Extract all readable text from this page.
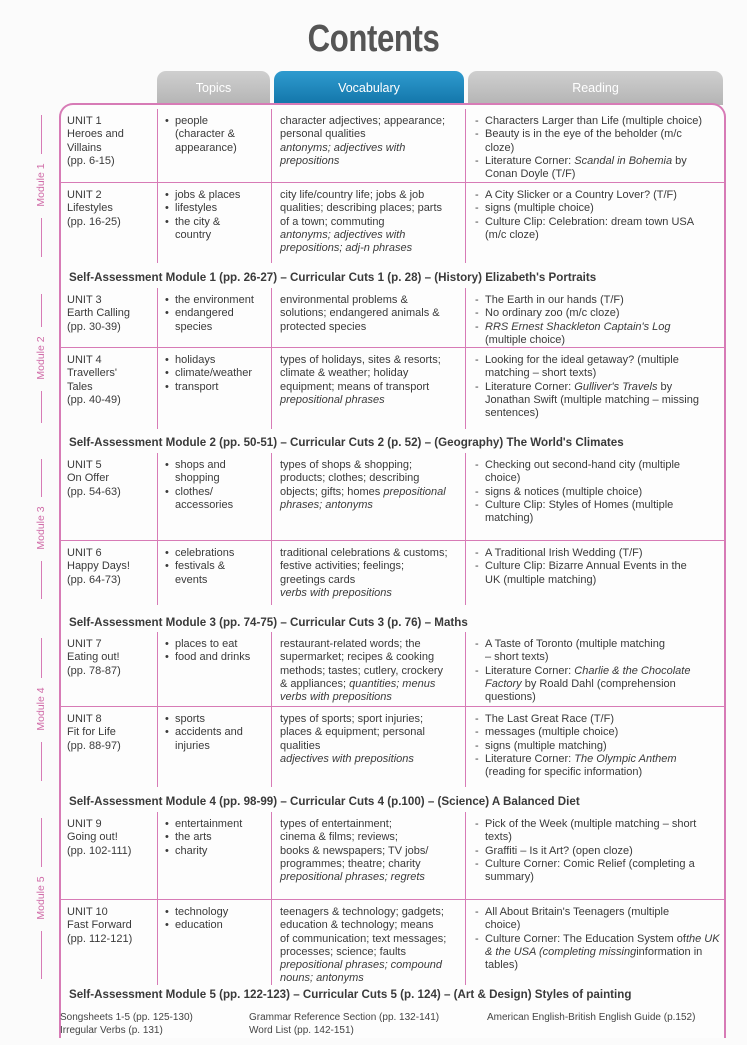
Contents
Topics	Vocabulary	Reading
Module 1
Module 2
Module 3
Module 4
Module 5
UNIT 1
Heroes and
Villains
(pp. 6-15)
• people
(character &
appearance)
character adjectives; appearance;
personal qualities
antonyms; adjectives with
prepositions
- Characters Larger than Life (multiple choice)
- Beauty is in the eye of the beholder (m/c
cloze)
- Literature Corner: Scandal in Bohemia by
Conan Doyle (T/F)
UNIT 2
Lifestyles
(pp. 16-25)
• jobs & places
• lifestyles
• the city &
country
city life/country life; jobs & job
qualities; describing places; parts
of a town; commuting
antonyms; adjectives with
prepositions; adj-n phrases
- A City Slicker or a Country Lover? (T/F)
- signs (multiple choice)
- Culture Clip: Celebration: dream town USA
(m/c cloze)
UNIT 3
Earth Calling
(pp. 30-39)
• the environment
• endangered
species
environmental problems &
solutions; endangered animals &
protected species
- The Earth in our hands (T/F)
- No ordinary zoo (m/c cloze)
- RRS Ernest Shackleton Captain's Log
(multiple choice)
UNIT 4
Travellers'
Tales
(pp. 40-49)
• holidays
• climate/weather
• transport
types of holidays, sites & resorts;
climate & weather; holiday
equipment; means of transport
prepositional phrases
- Looking for the ideal getaway? (multiple
matching – short texts)
- Literature Corner: Gulliver's Travels by
Jonathan Swift (multiple matching – missing
sentences)
UNIT 5
On Offer
(pp. 54-63)
• shops and
shopping
• clothes/
accessories
types of shops & shopping;
products; clothes; describing
objects; gifts; homes prepositional
phrases; antonyms
- Checking out second-hand city (multiple
choice)
- signs & notices (multiple choice)
- Culture Clip: Styles of Homes (multiple
matching)
UNIT 6
Happy Days!
(pp. 64-73)
• celebrations
• festivals &
events
traditional celebrations & customs;
festive activities; feelings;
greetings cards
verbs with prepositions
- A Traditional Irish Wedding (T/F)
- Culture Clip: Bizarre Annual Events in the
UK (multiple matching)
UNIT 7
Eating out!
(pp. 78-87)
• places to eat
• food and drinks
restaurant-related words; the
supermarket; recipes & cooking
methods; tastes; cutlery, crockery
& appliances; quantities; menus
verbs with prepositions
- A Taste of Toronto (multiple matching
– short texts)
- Literature Corner: Charlie & the Chocolate
Factory by Roald Dahl (comprehension
questions)
UNIT 8
Fit for Life
(pp. 88-97)
• sports
• accidents and
injuries
types of sports; sport injuries;
places & equipment; personal
qualities
adjectives with prepositions
- The Last Great Race (T/F)
- messages (multiple choice)
- signs (multiple matching)
- Literature Corner: The Olympic Anthem
(reading for specific information)
UNIT 9
Going out!
(pp. 102-111)
• entertainment
• the arts
• charity
types of entertainment;
cinema & films; reviews;
books & newspapers; TV jobs/
programmes; theatre; charity
prepositional phrases; regrets
- Pick of the Week (multiple matching – short
texts)
- Graffiti – Is it Art? (open cloze)
- Culture Corner: Comic Relief (completing a
summary)
UNIT 10
Fast Forward
(pp. 112-121)
• technology
• education
teenagers & technology; gadgets;
education & technology; means
of communication; text messages;
processes; science; faults
prepositional phrases; compound
nouns; antonyms
- All About Britain's Teenagers (multiple
choice)
- Culture Corner: The Education System ofthe UK & the USA (completing missinginformation in tables)
Self-Assessment Module 1 (pp. 26-27) – Curricular Cuts 1 (p. 28) – (History) Elizabeth's Portraits
Self-Assessment Module 2 (pp. 50-51) – Curricular Cuts 2 (p. 52) – (Geography) The World's Climates
Self-Assessment Module 3 (pp. 74-75) – Curricular Cuts 3 (p. 76) – Maths
Self-Assessment Module 4 (pp. 98-99) – Curricular Cuts 4 (p.100) – (Science) A Balanced Diet
Self-Assessment Module 5 (pp. 122-123) – Curricular Cuts 5 (p. 124) – (Art & Design) Styles of painting
Songsheets 1-5 (pp. 125-130)
Irregular Verbs (p. 131)
Grammar Reference Section (pp. 132-141)
Word List (pp. 142-151)
American English-British English Guide (p.152)
